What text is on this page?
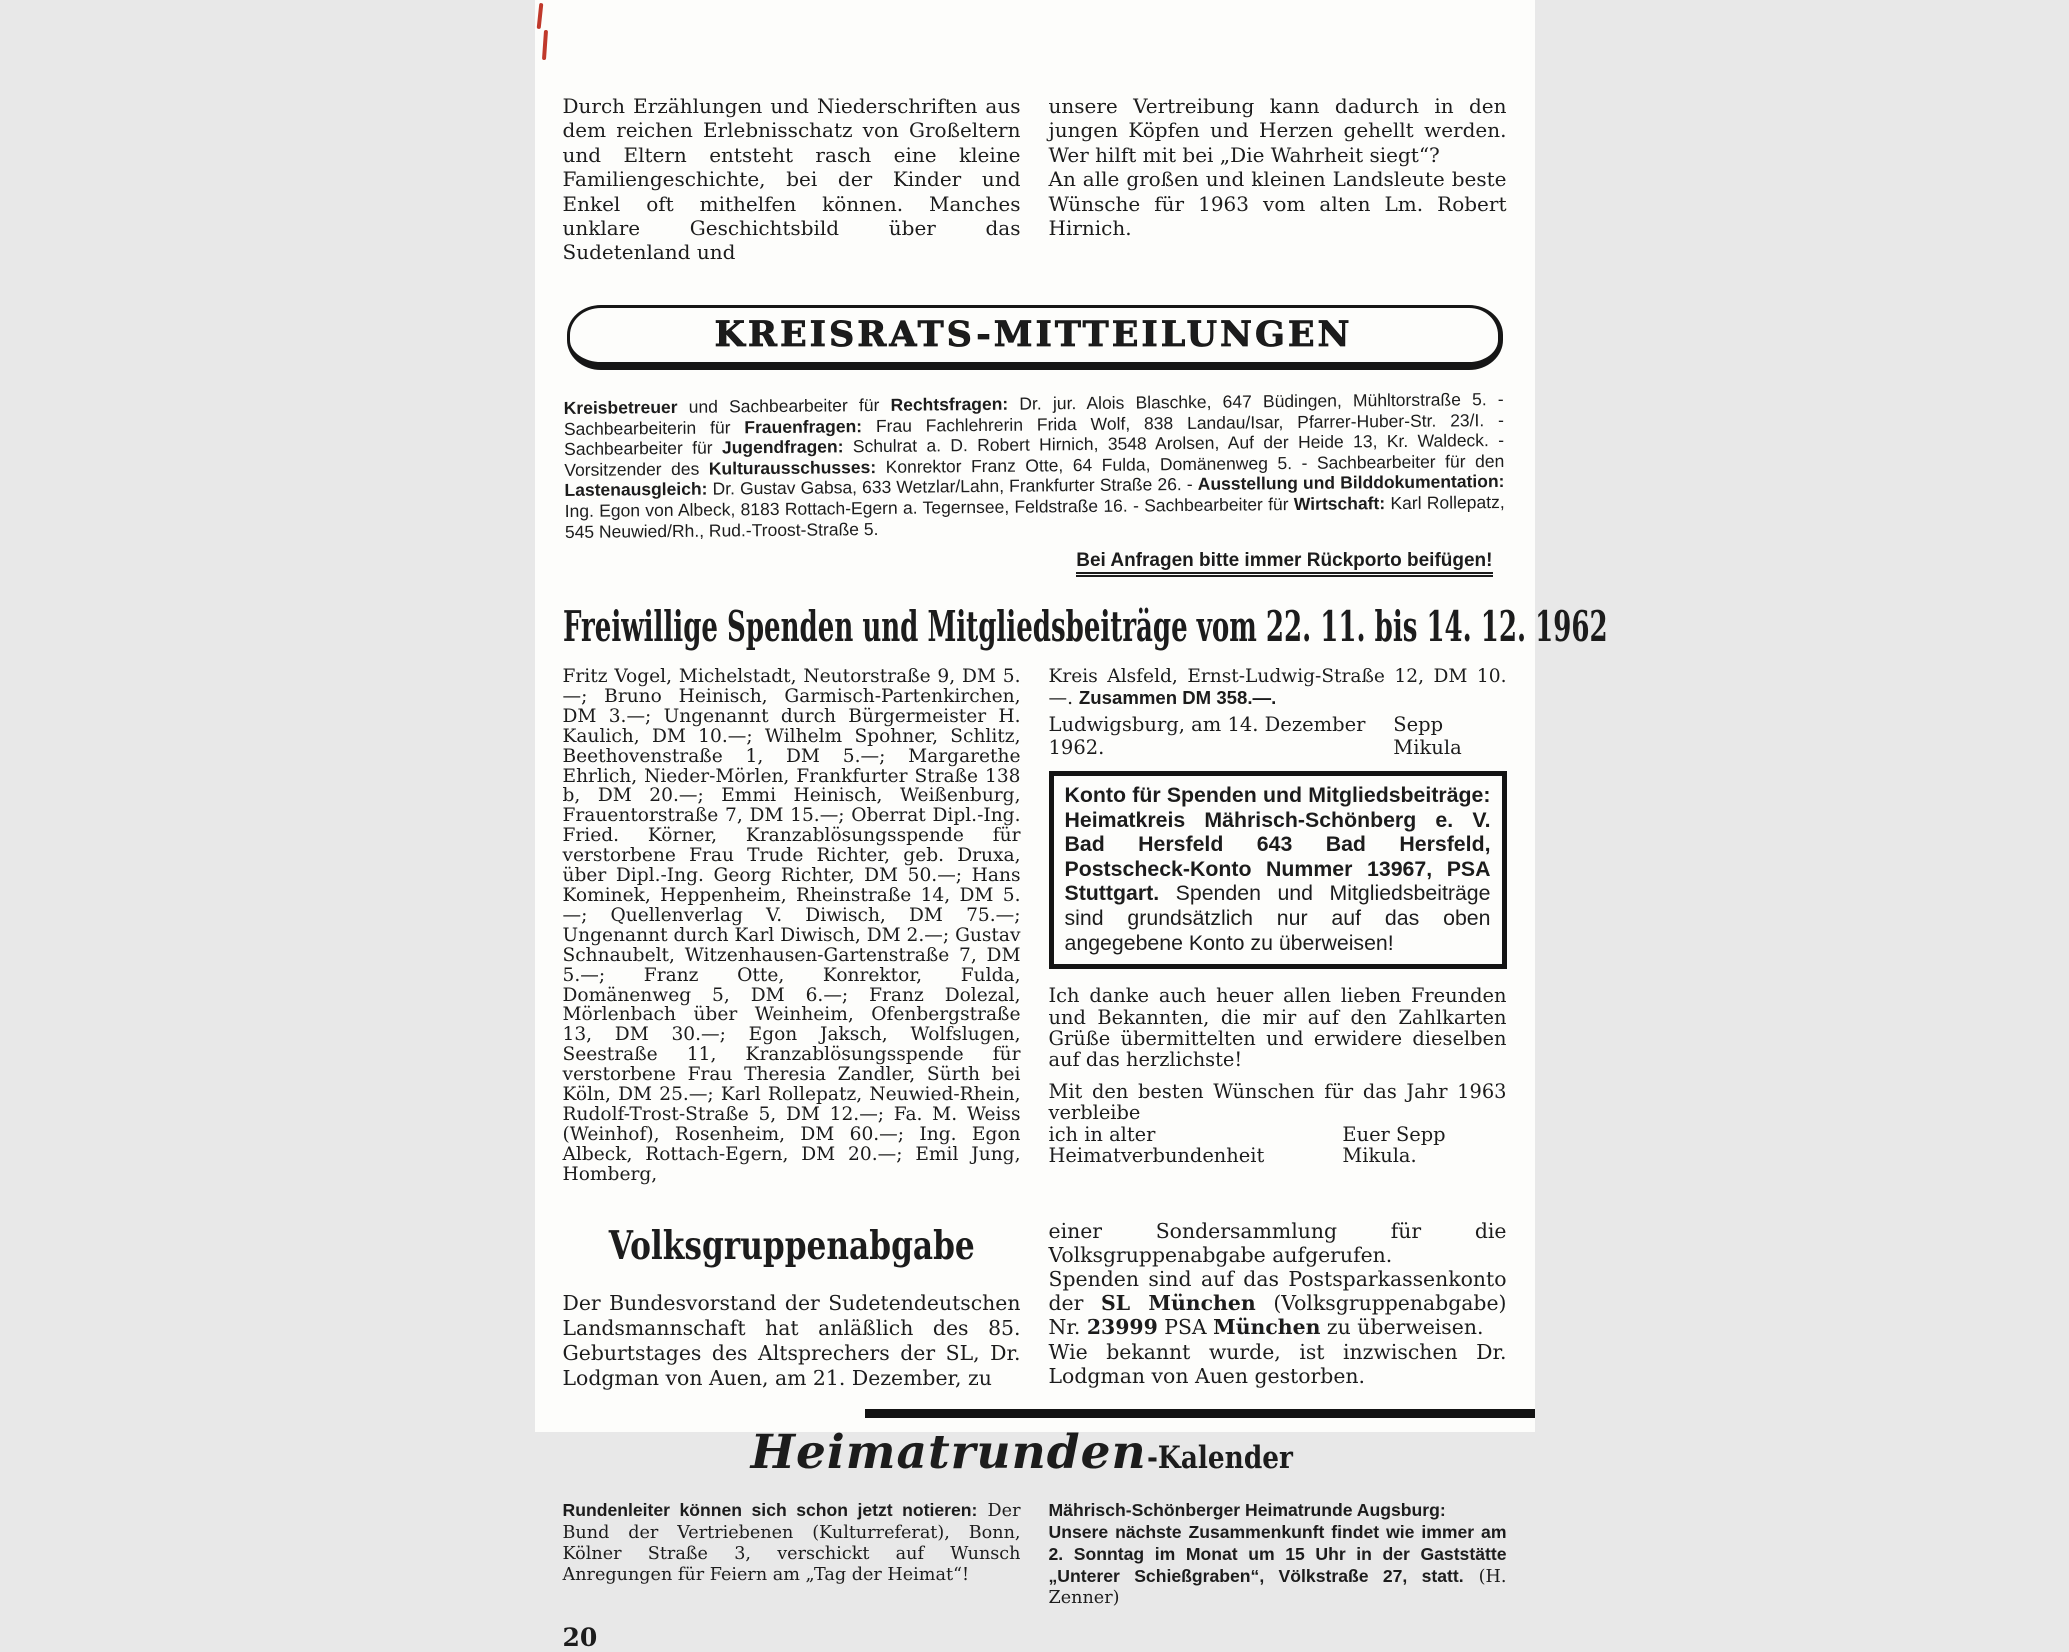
Durch Erzählungen und Niederschriften aus dem reichen Erlebnisschatz von Großeltern und Eltern entsteht rasch eine kleine Familiengeschichte, bei der Kinder und Enkel oft mithelfen können. Manches unklare Geschichtsbild über das Sudetenland und

unsere Vertreibung kann dadurch in den jungen Köpfen und Herzen gehellt werden. Wer hilft mit bei „Die Wahrheit siegt“?

An alle großen und kleinen Landsleute beste Wünsche für 1963 vom alten Lm. Robert Hirnich.

KREISRATS-MITTEILUNGEN

Kreisbetreuer und Sachbearbeiter für Rechtsfragen: Dr. jur. Alois Blaschke, 647 Büdingen, Mühltorstraße 5. - Sachbearbeiterin für Frauenfragen: Frau Fachlehrerin Frida Wolf, 838 Landau/Isar, Pfarrer-Huber-Str. 23/I. - Sachbearbeiter für Jugendfragen: Schulrat a. D. Robert Hirnich, 3548 Arolsen, Auf der Heide 13, Kr. Waldeck. - Vorsitzender des Kulturausschusses: Konrektor Franz Otte, 64 Fulda, Domänenweg 5. - Sachbearbeiter für den Lastenausgleich: Dr. Gustav Gabsa, 633 Wetzlar/Lahn, Frankfurter Straße 26. - Ausstellung und Bilddokumentation: Ing. Egon von Albeck, 8183 Rottach-Egern a. Tegernsee, Feldstraße 16. - Sachbearbeiter für Wirtschaft: Karl Rollepatz, 545 Neuwied/Rh., Rud.-Troost-Straße 5.

Bei Anfragen bitte immer Rückporto beifügen!
Freiwillige Spenden und Mitgliedsbeiträge vom 22. 11. bis 14. 12. 1962

Fritz Vogel, Michelstadt, Neutorstraße 9, DM 5.—; Bruno Heinisch, Garmisch-Partenkirchen, DM 3.—; Ungenannt durch Bürgermeister H. Kaulich, DM 10.—; Wilhelm Spohner, Schlitz, Beethovenstraße 1, DM 5.—; Margarethe Ehrlich, Nieder-Mörlen, Frankfurter Straße 138 b, DM 20.—; Emmi Heinisch, Weißenburg, Frauentorstraße 7, DM 15.—; Oberrat Dipl.-Ing. Fried. Körner, Kranzablösungsspende für verstorbene Frau Trude Richter, geb. Druxa, über Dipl.-Ing. Georg Richter, DM 50.—; Hans Kominek, Heppenheim, Rheinstraße 14, DM 5.—; Quellenverlag V. Diwisch, DM 75.—; Ungenannt durch Karl Diwisch, DM 2.—; Gustav Schnaubelt, Witzenhausen-Gartenstraße 7, DM 5.—; Franz Otte, Konrektor, Fulda, Domänenweg 5, DM 6.—; Franz Dolezal, Mörlenbach über Weinheim, Ofenbergstraße 13, DM 30.—; Egon Jaksch, Wolfslugen, Seestraße 11, Kranzablösungsspende für verstorbene Frau Theresia Zandler, Sürth bei Köln, DM 25.—; Karl Rollepatz, Neuwied-Rhein, Rudolf-Trost-Straße 5, DM 12.—; Fa. M. Weiss (Weinhof), Rosenheim, DM 60.—; Ing. Egon Albeck, Rottach-Egern, DM 20.—; Emil Jung, Homberg,

Kreis Alsfeld, Ernst-Ludwig-Straße 12, DM 10.—. Zusammen DM 358.—.

Ludwigsburg, am 14. Dezember 1962.
Sepp Mikula
Konto für Spenden und Mitgliedsbeiträge: Heimatkreis Mährisch-Schönberg e. V. Bad Hersfeld 643 Bad Hersfeld, Postscheck-Konto Nummer 13967, PSA Stuttgart. Spenden und Mitgliedsbeiträge sind grundsätzlich nur auf das oben angegebene Konto zu überweisen!

Ich danke auch heuer allen lieben Freunden und Bekannten, die mir auf den Zahlkarten Grüße übermittelten und erwidere dieselben auf das herzlichste!

Mit den besten Wünschen für das Jahr 1963 verbleibe

ich in alter Heimatverbundenheit
Euer Sepp Mikula.
Volksgruppenabgabe

Der Bundesvorstand der Sudetendeutschen Landsmannschaft hat anläßlich des 85. Geburtstages des Altsprechers der SL, Dr. Lodgman von Auen, am 21. Dezember, zu

einer Sondersammlung für die Volksgruppenabgabe aufgerufen.

Spenden sind auf das Postsparkassenkonto der SL München (Volksgruppenabgabe) Nr. 23999 PSA München zu überweisen.

Wie bekannt wurde, ist inzwischen Dr. Lodgman von Auen gestorben.

Heimatrunden-Kalender

Rundenleiter können sich schon jetzt notieren: Der Bund der Vertriebenen (Kulturreferat), Bonn, Kölner Straße 3, verschickt auf Wunsch Anregungen für Feiern am „Tag der Heimat“!

Mährisch-Schönberger Heimatrunde Augsburg:

Unsere nächste Zusammenkunft findet wie immer am 2. Sonntag im Monat um 15 Uhr in der Gaststätte „Unterer Schießgraben“, Völkstraße 27, statt. (H. Zenner)

20
